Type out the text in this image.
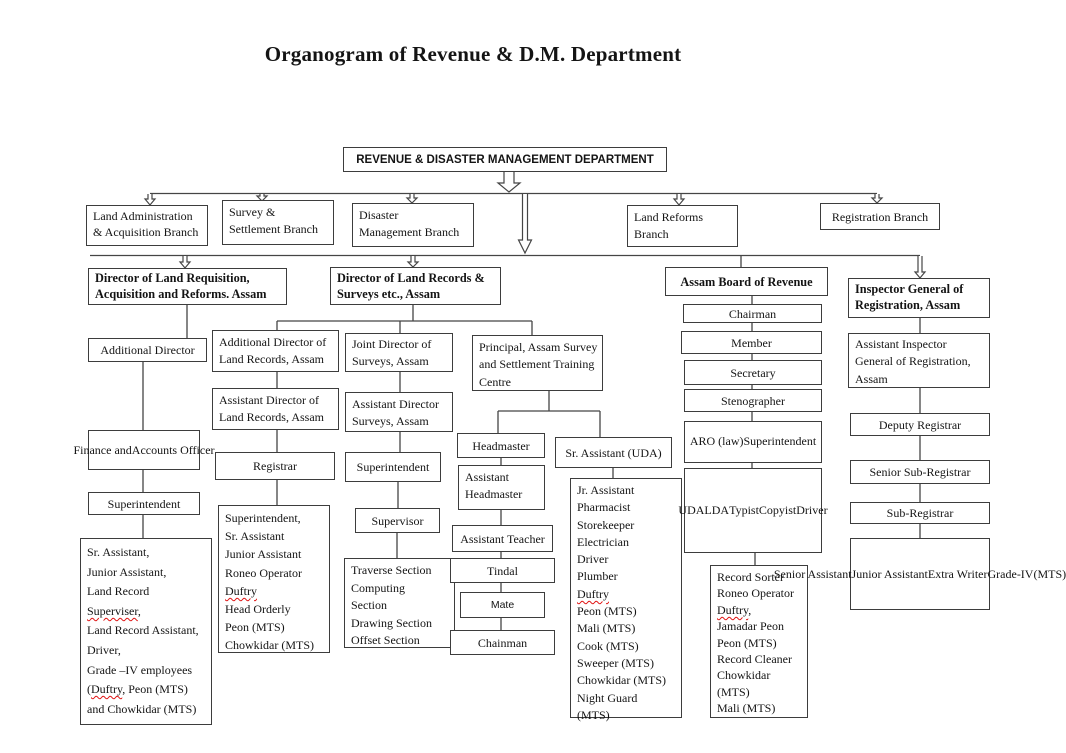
Organogram of Revenue & D.M. Department
REVENUE & DISASTER MANAGEMENT DEPARTMENT
Land Administration
& Acquisition Branch
Survey &
Settlement Branch
Disaster
Management Branch
Land Reforms
Branch
Registration Branch
Director of Land Requisition,
Acquisition and Reforms. Assam
Director of Land Records &
Surveys etc., Assam
Assam Board of Revenue
Inspector General of
Registration, Assam
Additional Director
Finance and Accounts Officer
Superintendent
Sr. Assistant,
Junior Assistant,
Land Record
Superviser,
Land Record Assistant,
Driver,
Grade –IV employees
(Duftry, Peon (MTS)
and Chowkidar (MTS)
Additional Director of
Land Records, Assam
Assistant Director of
Land Records, Assam
Registrar
Superintendent,
Sr. Assistant
Junior Assistant
Roneo Operator
Duftry
Head Orderly
Peon (MTS)
Chowkidar (MTS)
Joint Director of
Surveys, Assam
Assistant Director
Surveys, Assam
Superintendent
Supervisor
Traverse Section
Computing
Section
Drawing Section
Offset Section
Principal, Assam Survey
and Settlement Training
Centre
Headmaster
Assistant
Headmaster
Assistant Teacher
Tindal
Mate
Chainman
Sr. Assistant (UDA)
Jr. Assistant
Pharmacist
Storekeeper
Electrician
Driver
Plumber
Duftry
Peon (MTS)
Mali (MTS)
Cook (MTS)
Sweeper (MTS)
Chowkidar (MTS)
Night Guard
(MTS)
Chairman
Member
Secretary
Stenographer
ARO (law) Superintendent
UDA LDA Typist Copyist Driver
Record Sorter
Roneo Operator
Duftry,
Jamadar Peon
Peon (MTS)
Record Cleaner
Chowkidar
(MTS)
Mali (MTS)
Assistant Inspector
General of Registration,
Assam
Deputy Registrar
Senior Sub-Registrar
Sub-Registrar
Senior Assistant Junior Assistant Extra Writer Grade-IV(MTS)
